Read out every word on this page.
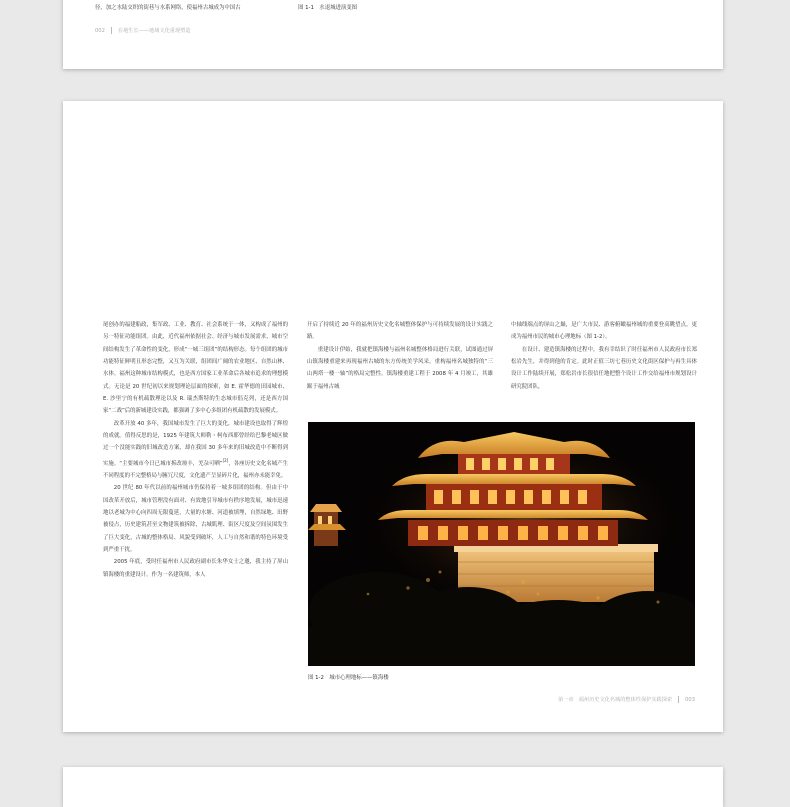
径，加之水陆交织的街巷与水系网络，使福州古城成为中国古	图 1-1　水退城进演变图
002	在地生长——地域文化重现塑造

尾创办的福建船政，集军政、工业、教育、社会系统于一体，又构成了福州的另一特征功能组团。由此，近代福州依据社会、经济与城市发展需求，城市空间结构发生了革命性的变化，形成“一城三组团”的结构形态。每个组团的城市功能特征鲜明且形态完整，又互为关联，组团间广阔的农业地区、自然山林、水体。福州这种城市结构模式，也是西方国家工业革命后各城市追求的理想模式。无论是 20 世纪初以来规划理论层面的探索，如 E. 霍华德的田园城市、E. 沙里宁的有机疏散理论以及 R. 瑞杰斯特的生态城市倡克列，还是西方国家“二战”后的新城建设实践，都强调了多中心多组团有机疏散的发展模式。

改革开放 40 多年，我国城市发生了巨大的变化，城市建设也取得了辉煌的成就。值得反思的是，1925 年建筑大师勒・柯布西耶曾经给巴黎老城区做过一个没能实践的旧城改造方案，却在我国 30 多年来的旧城改造中不断得到实施。“主要城市今日已城市拆改竣丰，羌杂可晒”[2]，各座历史文化名城产生不同程度的不完整格局与臃冗尺度，文化遗产呈显碎片化，福州亦未能幸免。

20 世纪 80 年代以前的福州城市仍保持着一城多组团的结构。但由于中国改革开放后，城市管理没有面对、有效地引导城市有秩序地发展，城市迅速地以老城为中心向四周无限蔓延，大量的水塘、河道被填埋，自然绿地、田野被侵占，历史建筑甚至文物建筑被拆除，古城肌理、街区尺度及空间氛围发生了巨大变化，古城的整体格局、风貌受到破坏，人工与自然和谐的特色环境受到严重干扰。

2005 年底，受时任福州市人民政府副市长朱华女士之邀，我主持了屏山镇海楼的重建设计。作为一名建筑师，本人

开启了持续近 20 年的福州历史文化名城整体保护与可持续发展的设计实践之路。

重建设计伊始，我就把镇海楼与福州名城整体格局进行关联，试图通过屏山镇海楼重建来再现福州古城的东方传统美学风采，重构福州名城独特的“三山两塔一楼一轴”的格局完整性。镇海楼重建工程于 2008 年 4 月竣工，其雄踞于福州古城

中轴线端点的屏山之巅，是广大市民、游客俯瞰福州城的重要登高眺望点，更成为福州市民的城市心理地标（图 1-2）。

在设计、建造镇海楼的过程中，我有幸结识了时任福州市人民政府市长郑松岩先生，并得到他的肯定。此时正值三坊七巷历史文化街区保护与再生具体设计工作陆续开展，郑松岩市长很信任地把整个设计工作交给福州市规划设计研究院团队，

图 1-2　城市心理地标——镇海楼
第一章　福州历史文化名城的整体性保护实践探索	003
